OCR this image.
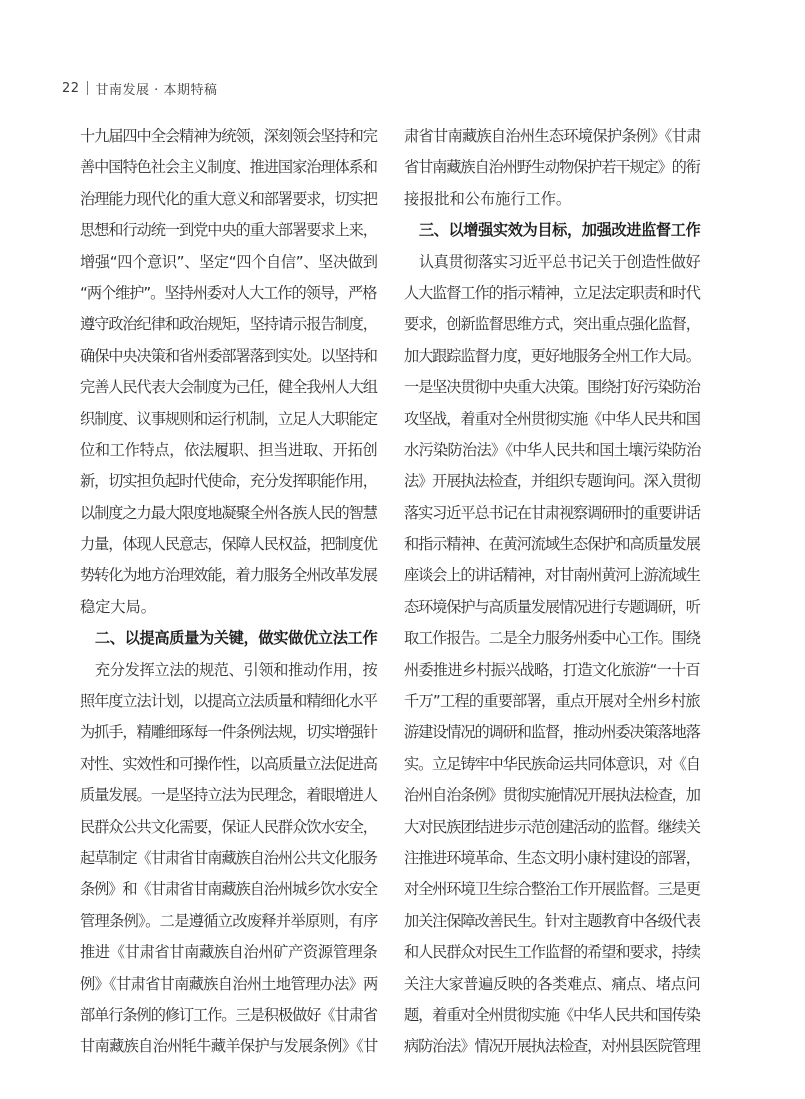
22 甘南发展 · 本期特稿
十九届四中全会精神为统领，深刻领会坚持和完
善中国特色社会主义制度、推进国家治理体系和
治理能力现代化的重大意义和部署要求，切实把
思想和行动统一到党中央的重大部署要求上来，
增强“四个意识”、坚定“四个自信”、坚决做到
“两个维护”。坚持州委对人大工作的领导，严格
遵守政治纪律和政治规矩，坚持请示报告制度，
确保中央决策和省州委部署落到实处。以坚持和
完善人民代表大会制度为己任，健全我州人大组
织制度、议事规则和运行机制，立足人大职能定
位和工作特点，依法履职、担当进取、开拓创
新，切实担负起时代使命，充分发挥职能作用，
以制度之力最大限度地凝聚全州各族人民的智慧
力量，体现人民意志，保障人民权益，把制度优
势转化为地方治理效能，着力服务全州改革发展
稳定大局。
　二、以提高质量为关键，做实做优立法工作
　充分发挥立法的规范、引领和推动作用，按
照年度立法计划，以提高立法质量和精细化水平
为抓手，精雕细琢每一件条例法规，切实增强针
对性、实效性和可操作性，以高质量立法促进高
质量发展。一是坚持立法为民理念，着眼增进人
民群众公共文化需要，保证人民群众饮水安全，
起草制定《甘肃省甘南藏族自治州公共文化服务
条例》和《甘肃省甘南藏族自治州城乡饮水安全
管理条例》。二是遵循立改废释并举原则，有序
推进《甘肃省甘南藏族自治州矿产资源管理条
例》《甘肃省甘南藏族自治州土地管理办法》两
部单行条例的修订工作。三是积极做好《甘肃省
甘南藏族自治州牦牛藏羊保护与发展条例》《甘
肃省甘南藏族自治州生态环境保护条例》《甘肃
省甘南藏族自治州野生动物保护若干规定》的衔
接报批和公布施行工作。
　三、以增强实效为目标，加强改进监督工作
　认真贯彻落实习近平总书记关于创造性做好
人大监督工作的指示精神，立足法定职责和时代
要求，创新监督思维方式，突出重点强化监督，
加大跟踪监督力度，更好地服务全州工作大局。
一是坚决贯彻中央重大决策。围绕打好污染防治
攻坚战，着重对全州贯彻实施《中华人民共和国
水污染防治法》《中华人民共和国土壤污染防治
法》开展执法检查，并组织专题询问。深入贯彻
落实习近平总书记在甘肃视察调研时的重要讲话
和指示精神、在黄河流域生态保护和高质量发展
座谈会上的讲话精神，对甘南州黄河上游流域生
态环境保护与高质量发展情况进行专题调研，听
取工作报告。二是全力服务州委中心工作。围绕
州委推进乡村振兴战略，打造文化旅游“一十百
千万”工程的重要部署，重点开展对全州乡村旅
游建设情况的调研和监督，推动州委决策落地落
实。立足铸牢中华民族命运共同体意识，对《自
治州自治条例》贯彻实施情况开展执法检查，加
大对民族团结进步示范创建活动的监督。继续关
注推进环境革命、生态文明小康村建设的部署，
对全州环境卫生综合整治工作开展监督。三是更
加关注保障改善民生。针对主题教育中各级代表
和人民群众对民生工作监督的希望和要求，持续
关注大家普遍反映的各类难点、痛点、堵点问
题，着重对全州贯彻实施《中华人民共和国传染
病防治法》情况开展执法检查，对州县医院管理
